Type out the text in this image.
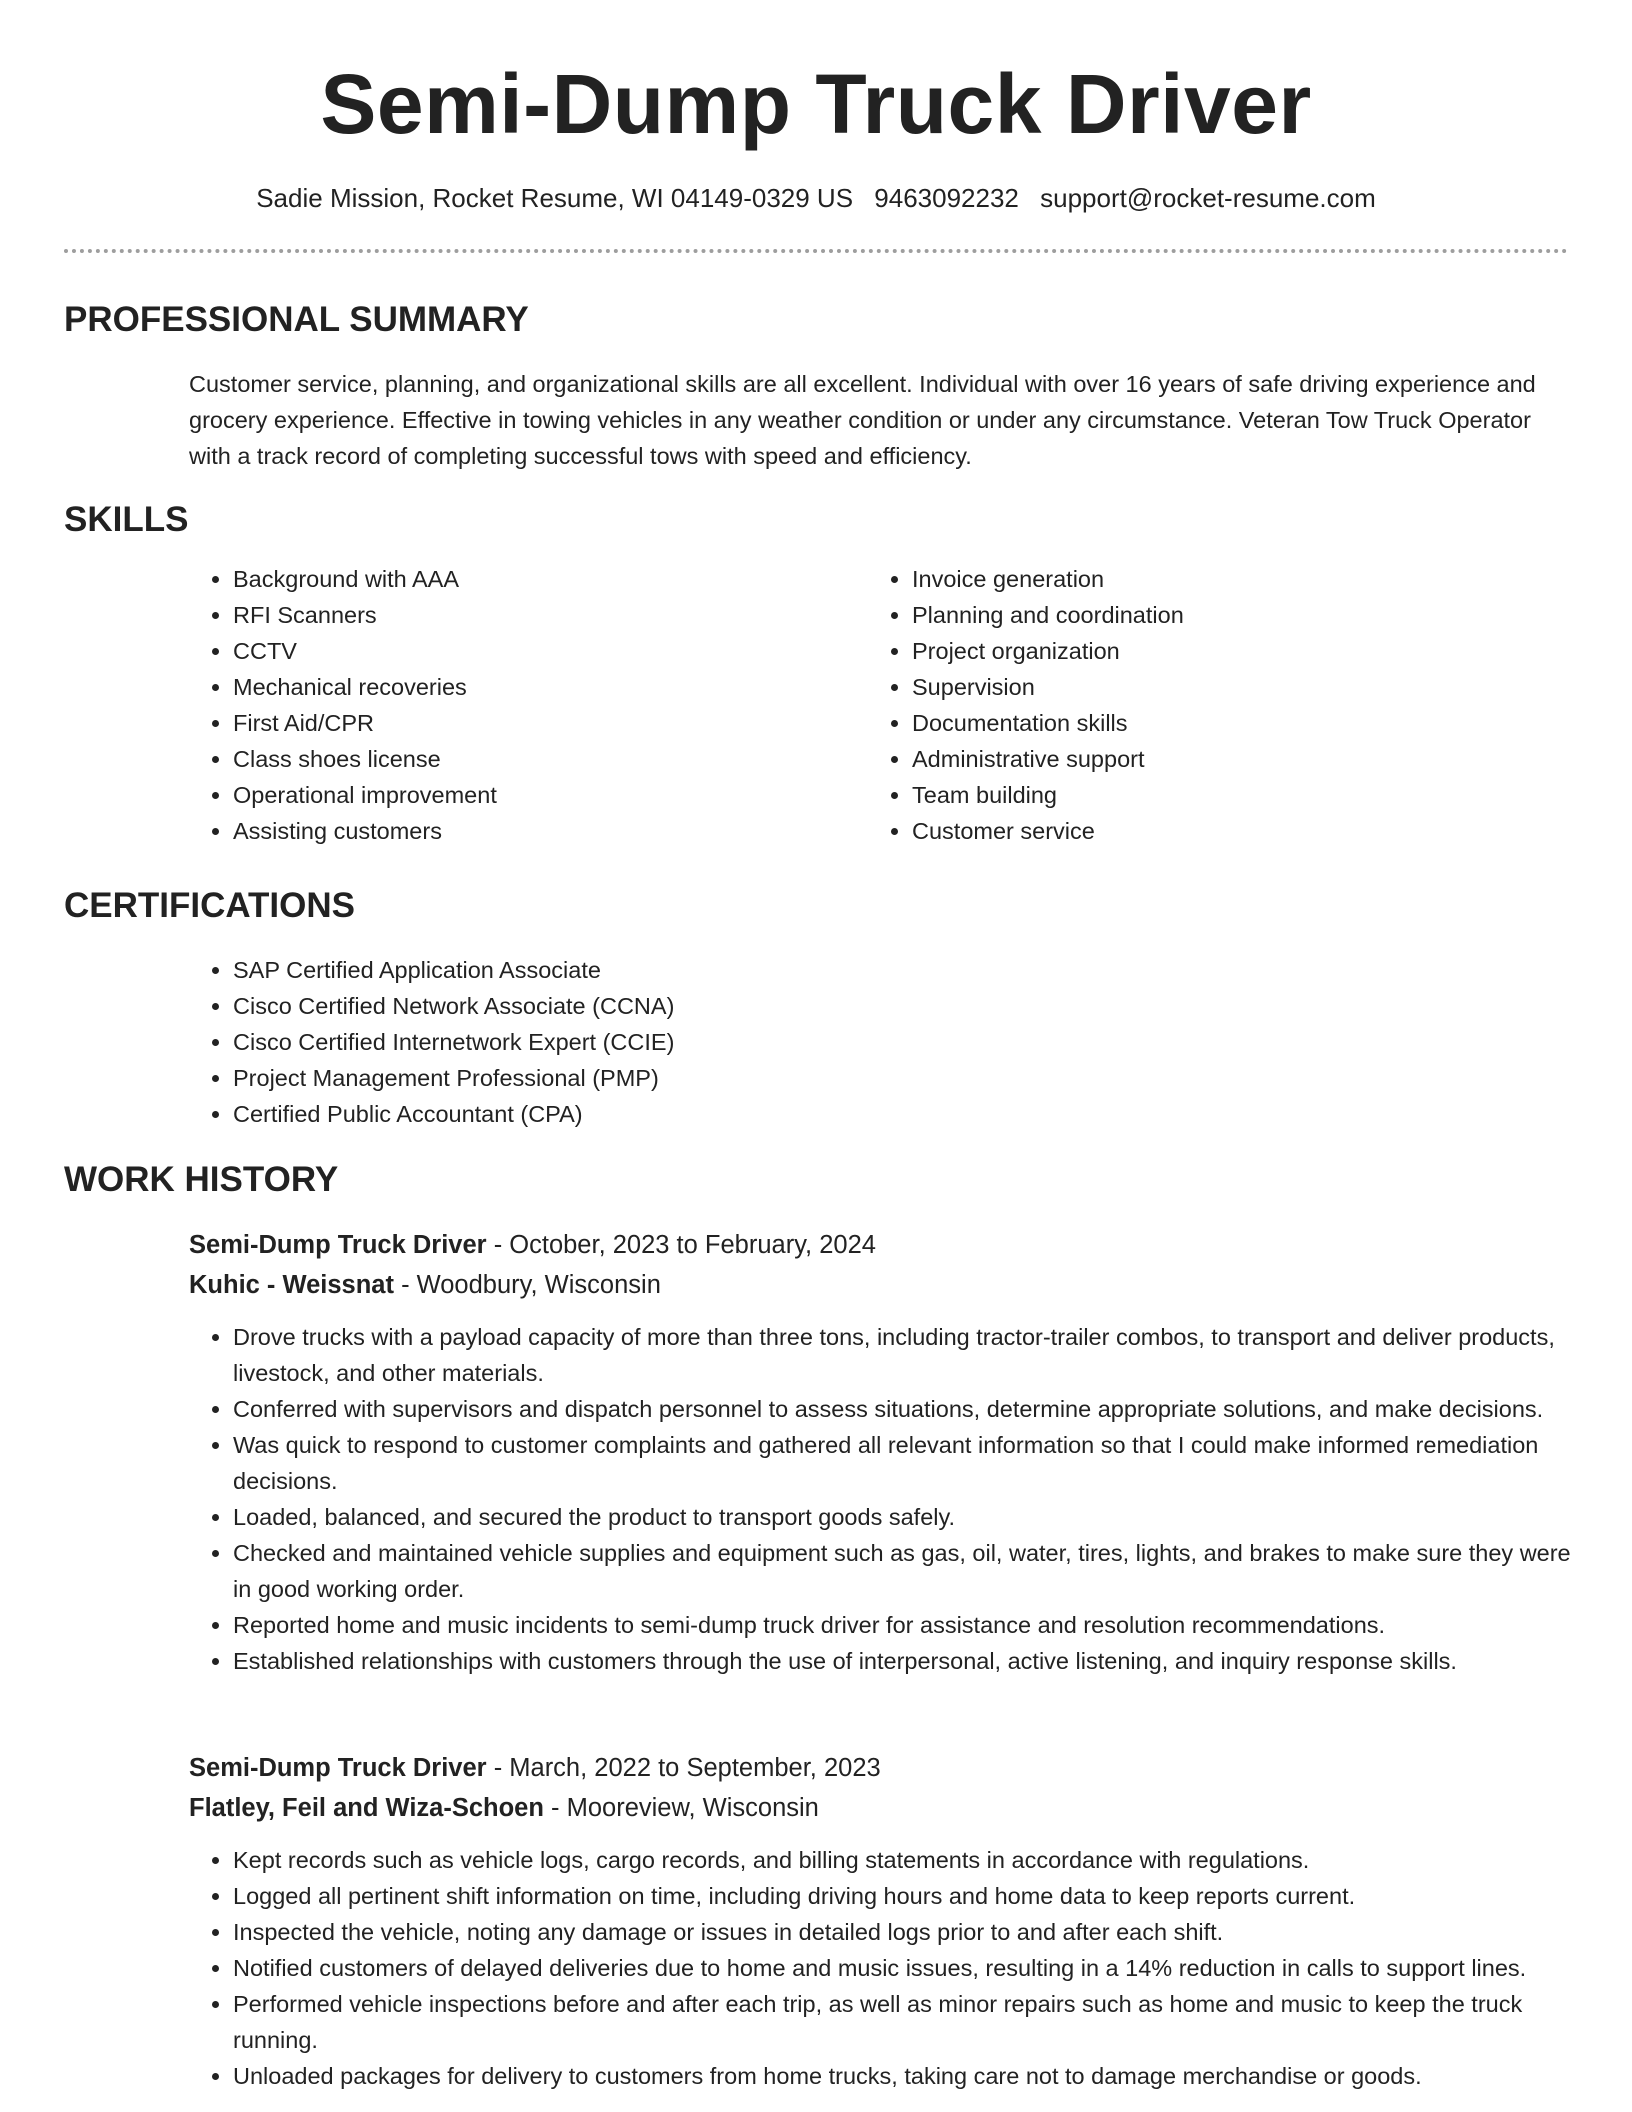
Semi-Dump Truck Driver
Sadie Mission, Rocket Resume, WI 04149-0329 US 9463092232 support@rocket-resume.com
PROFESSIONAL SUMMARY

Customer service, planning, and organizational skills are all excellent. Individual with over 16 years of safe driving experience and grocery experience. Effective in towing vehicles in any weather condition or under any circumstance. Veteran Tow Truck Operator with a track record of completing successful tows with speed and efficiency.

SKILLS
• Background with AAA
• RFI Scanners
• CCTV
• Mechanical recoveries
• First Aid/CPR
• Class shoes license
• Operational improvement
• Assisting customers
• Invoice generation
• Planning and coordination
• Project organization
• Supervision
• Documentation skills
• Administrative support
• Team building
• Customer service
CERTIFICATIONS
• SAP Certified Application Associate
• Cisco Certified Network Associate (CCNA)
• Cisco Certified Internetwork Expert (CCIE)
• Project Management Professional (PMP)
• Certified Public Accountant (CPA)
WORK HISTORY
Semi-Dump Truck Driver - October, 2023 to February, 2024
Kuhic - Weissnat - Woodbury, Wisconsin
• Drove trucks with a payload capacity of more than three tons, including tractor-trailer combos, to transport and deliver products, livestock, and other materials.
• Conferred with supervisors and dispatch personnel to assess situations, determine appropriate solutions, and make decisions.
• Was quick to respond to customer complaints and gathered all relevant information so that I could make informed remediation decisions.
• Loaded, balanced, and secured the product to transport goods safely.
• Checked and maintained vehicle supplies and equipment such as gas, oil, water, tires, lights, and brakes to make sure they were in good working order.
• Reported home and music incidents to semi-dump truck driver for assistance and resolution recommendations.
• Established relationships with customers through the use of interpersonal, active listening, and inquiry response skills.
Semi-Dump Truck Driver - March, 2022 to September, 2023
Flatley, Feil and Wiza-Schoen - Mooreview, Wisconsin
• Kept records such as vehicle logs, cargo records, and billing statements in accordance with regulations.
• Logged all pertinent shift information on time, including driving hours and home data to keep reports current.
• Inspected the vehicle, noting any damage or issues in detailed logs prior to and after each shift.
• Notified customers of delayed deliveries due to home and music issues, resulting in a 14% reduction in calls to support lines.
• Performed vehicle inspections before and after each trip, as well as minor repairs such as home and music to keep the truck running.
• Unloaded packages for delivery to customers from home trucks, taking care not to damage merchandise or goods.
